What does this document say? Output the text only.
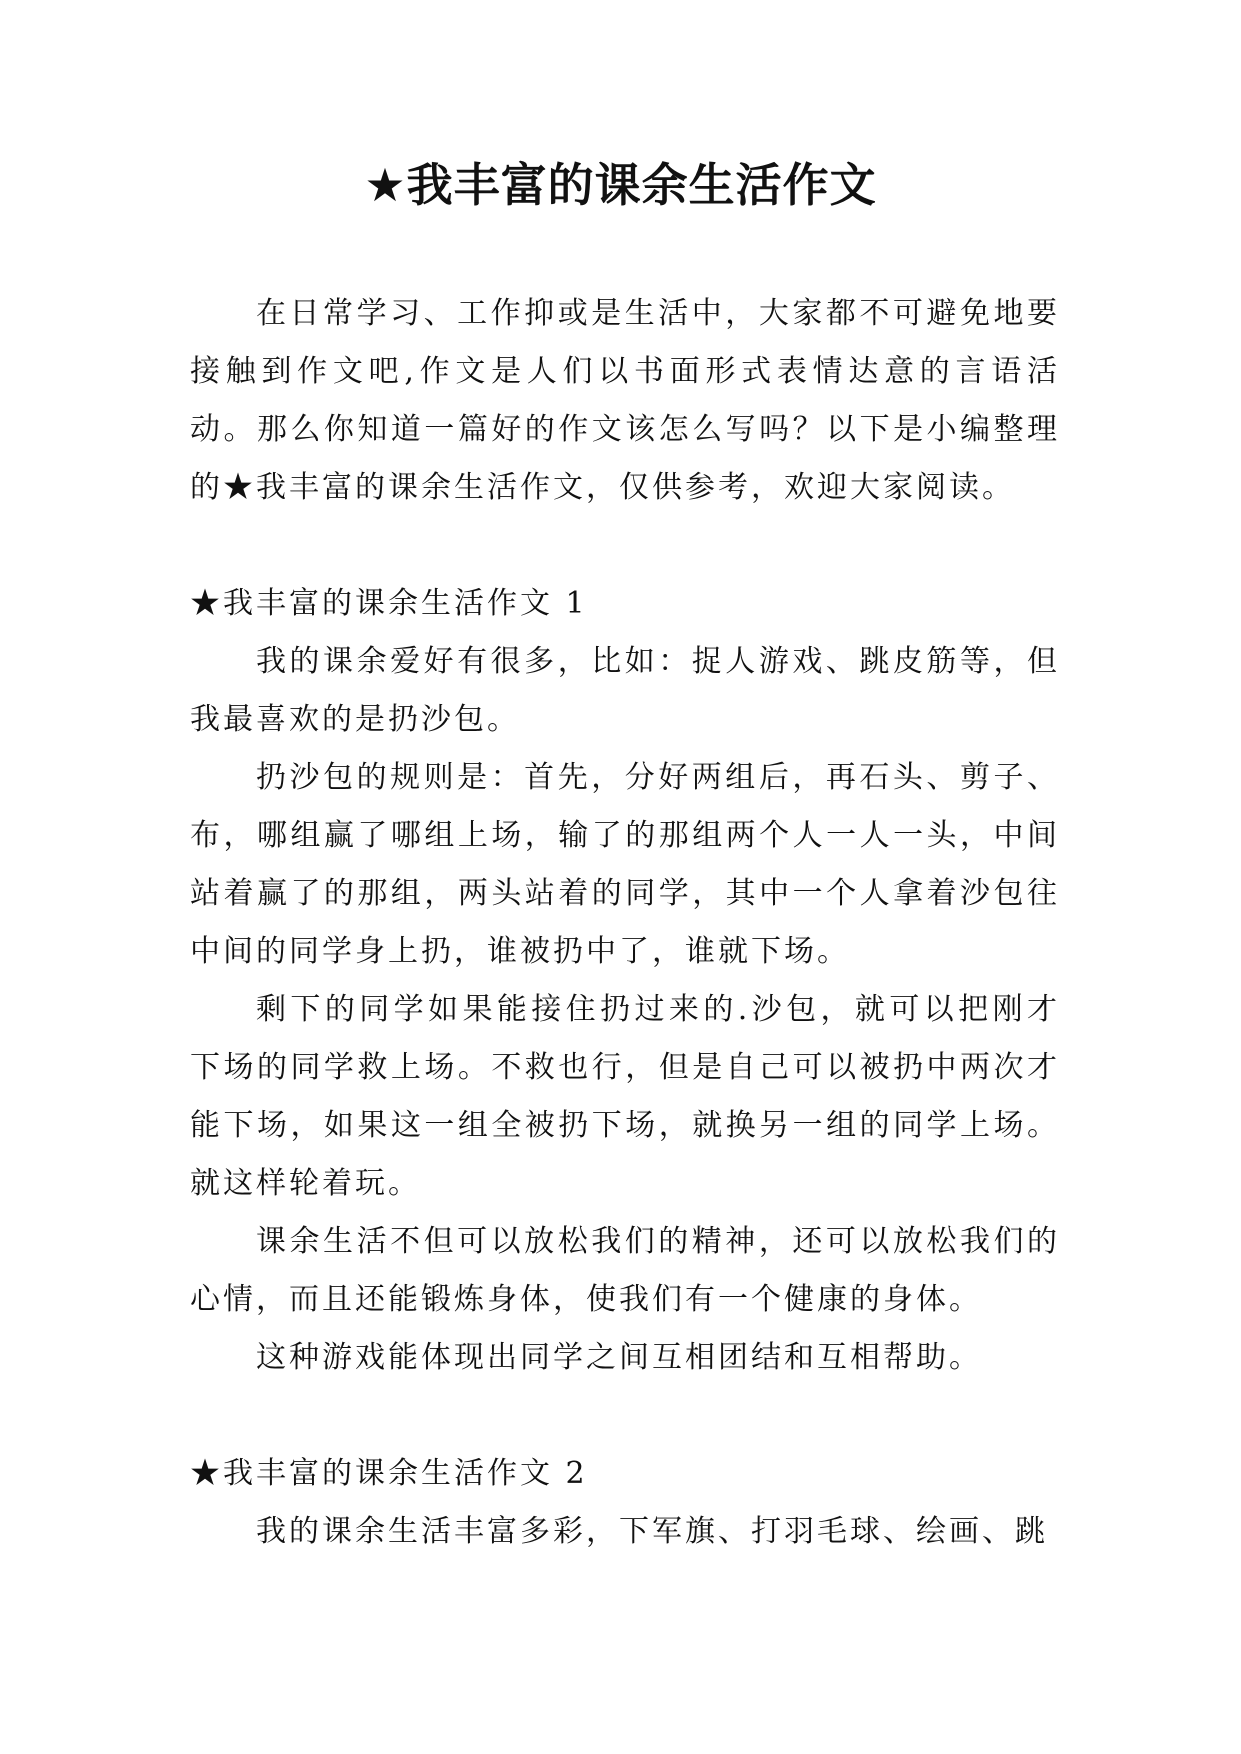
★我丰富的课余生活作文

在日常学习、工作抑或是生活中，大家都不可避免地要接触到作文吧,作文是人们以书面形式表情达意的言语活动。那么你知道一篇好的作文该怎么写吗？以下是小编整理的★我丰富的课余生活作文，仅供参考，欢迎大家阅读。

★我丰富的课余生活作文 1

我的课余爱好有很多，比如：捉人游戏、跳皮筋等，但我最喜欢的是扔沙包。

扔沙包的规则是：首先，分好两组后，再石头、剪子、布，哪组赢了哪组上场，输了的那组两个人一人一头，中间站着赢了的那组，两头站着的同学，其中一个人拿着沙包往中间的同学身上扔，谁被扔中了，谁就下场。

剩下的同学如果能接住扔过来的.沙包，就可以把刚才下场的同学救上场。不救也行，但是自己可以被扔中两次才能下场，如果这一组全被扔下场，就换另一组的同学上场。就这样轮着玩。

课余生活不但可以放松我们的精神，还可以放松我们的心情，而且还能锻炼身体，使我们有一个健康的身体。

这种游戏能体现出同学之间互相团结和互相帮助。

★我丰富的课余生活作文 2

我的课余生活丰富多彩，下军旗、打羽毛球、绘画、跳
